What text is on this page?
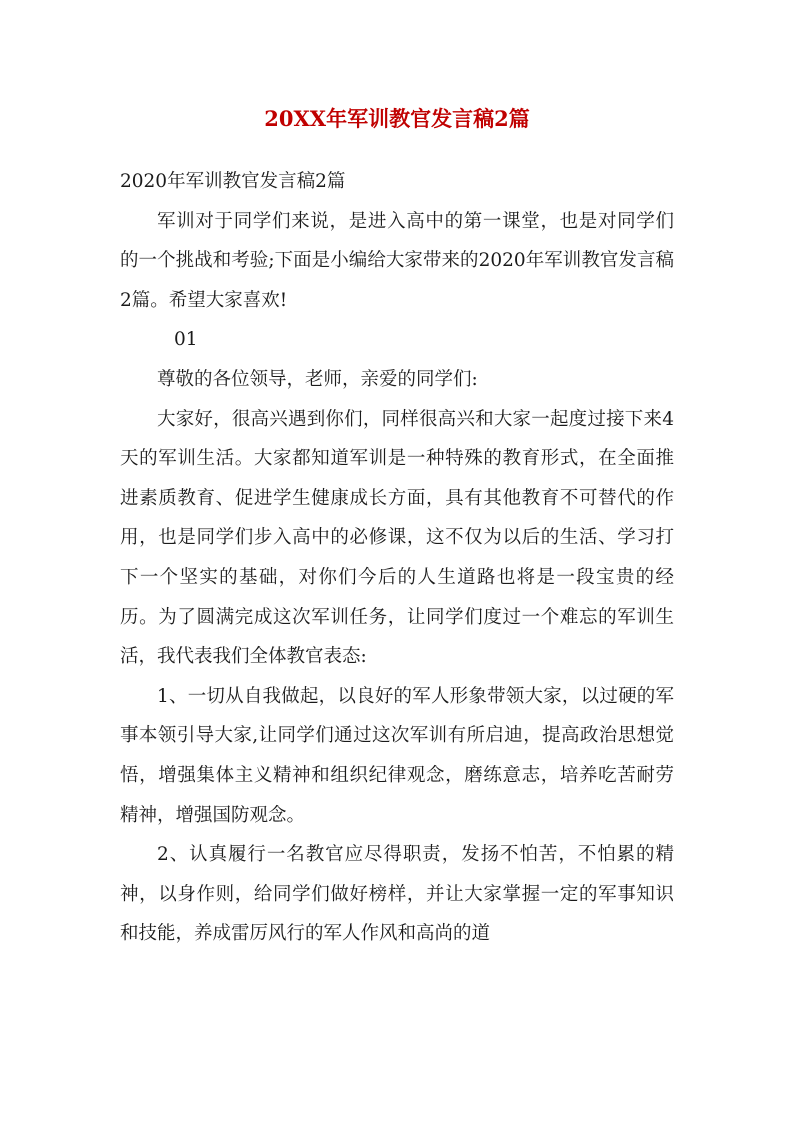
20XX年军训教官发言稿2篇

2020年军训教官发言稿2篇

军训对于同学们来说，是进入高中的第一课堂，也是对同学们的一个挑战和考验;下面是小编给大家带来的2020年军训教官发言稿2篇。希望大家喜欢!

01

尊敬的各位领导，老师，亲爱的同学们:

大家好，很高兴遇到你们，同样很高兴和大家一起度过接下来4天的军训生活。大家都知道军训是一种特殊的教育形式，在全面推进素质教育、促进学生健康成长方面，具有其他教育不可替代的作用，也是同学们步入高中的必修课，这不仅为以后的生活、学习打下一个坚实的基础，对你们今后的人生道路也将是一段宝贵的经历。为了圆满完成这次军训任务，让同学们度过一个难忘的军训生活，我代表我们全体教官表态:

1、一切从自我做起，以良好的军人形象带领大家，以过硬的军事本领引导大家,让同学们通过这次军训有所启迪，提高政治思想觉悟，增强集体主义精神和组织纪律观念，磨练意志，培养吃苦耐劳精神，增强国防观念。

2、认真履行一名教官应尽得职责，发扬不怕苦，不怕累的精神，以身作则，给同学们做好榜样，并让大家掌握一定的军事知识和技能，养成雷厉风行的军人作风和高尚的道
